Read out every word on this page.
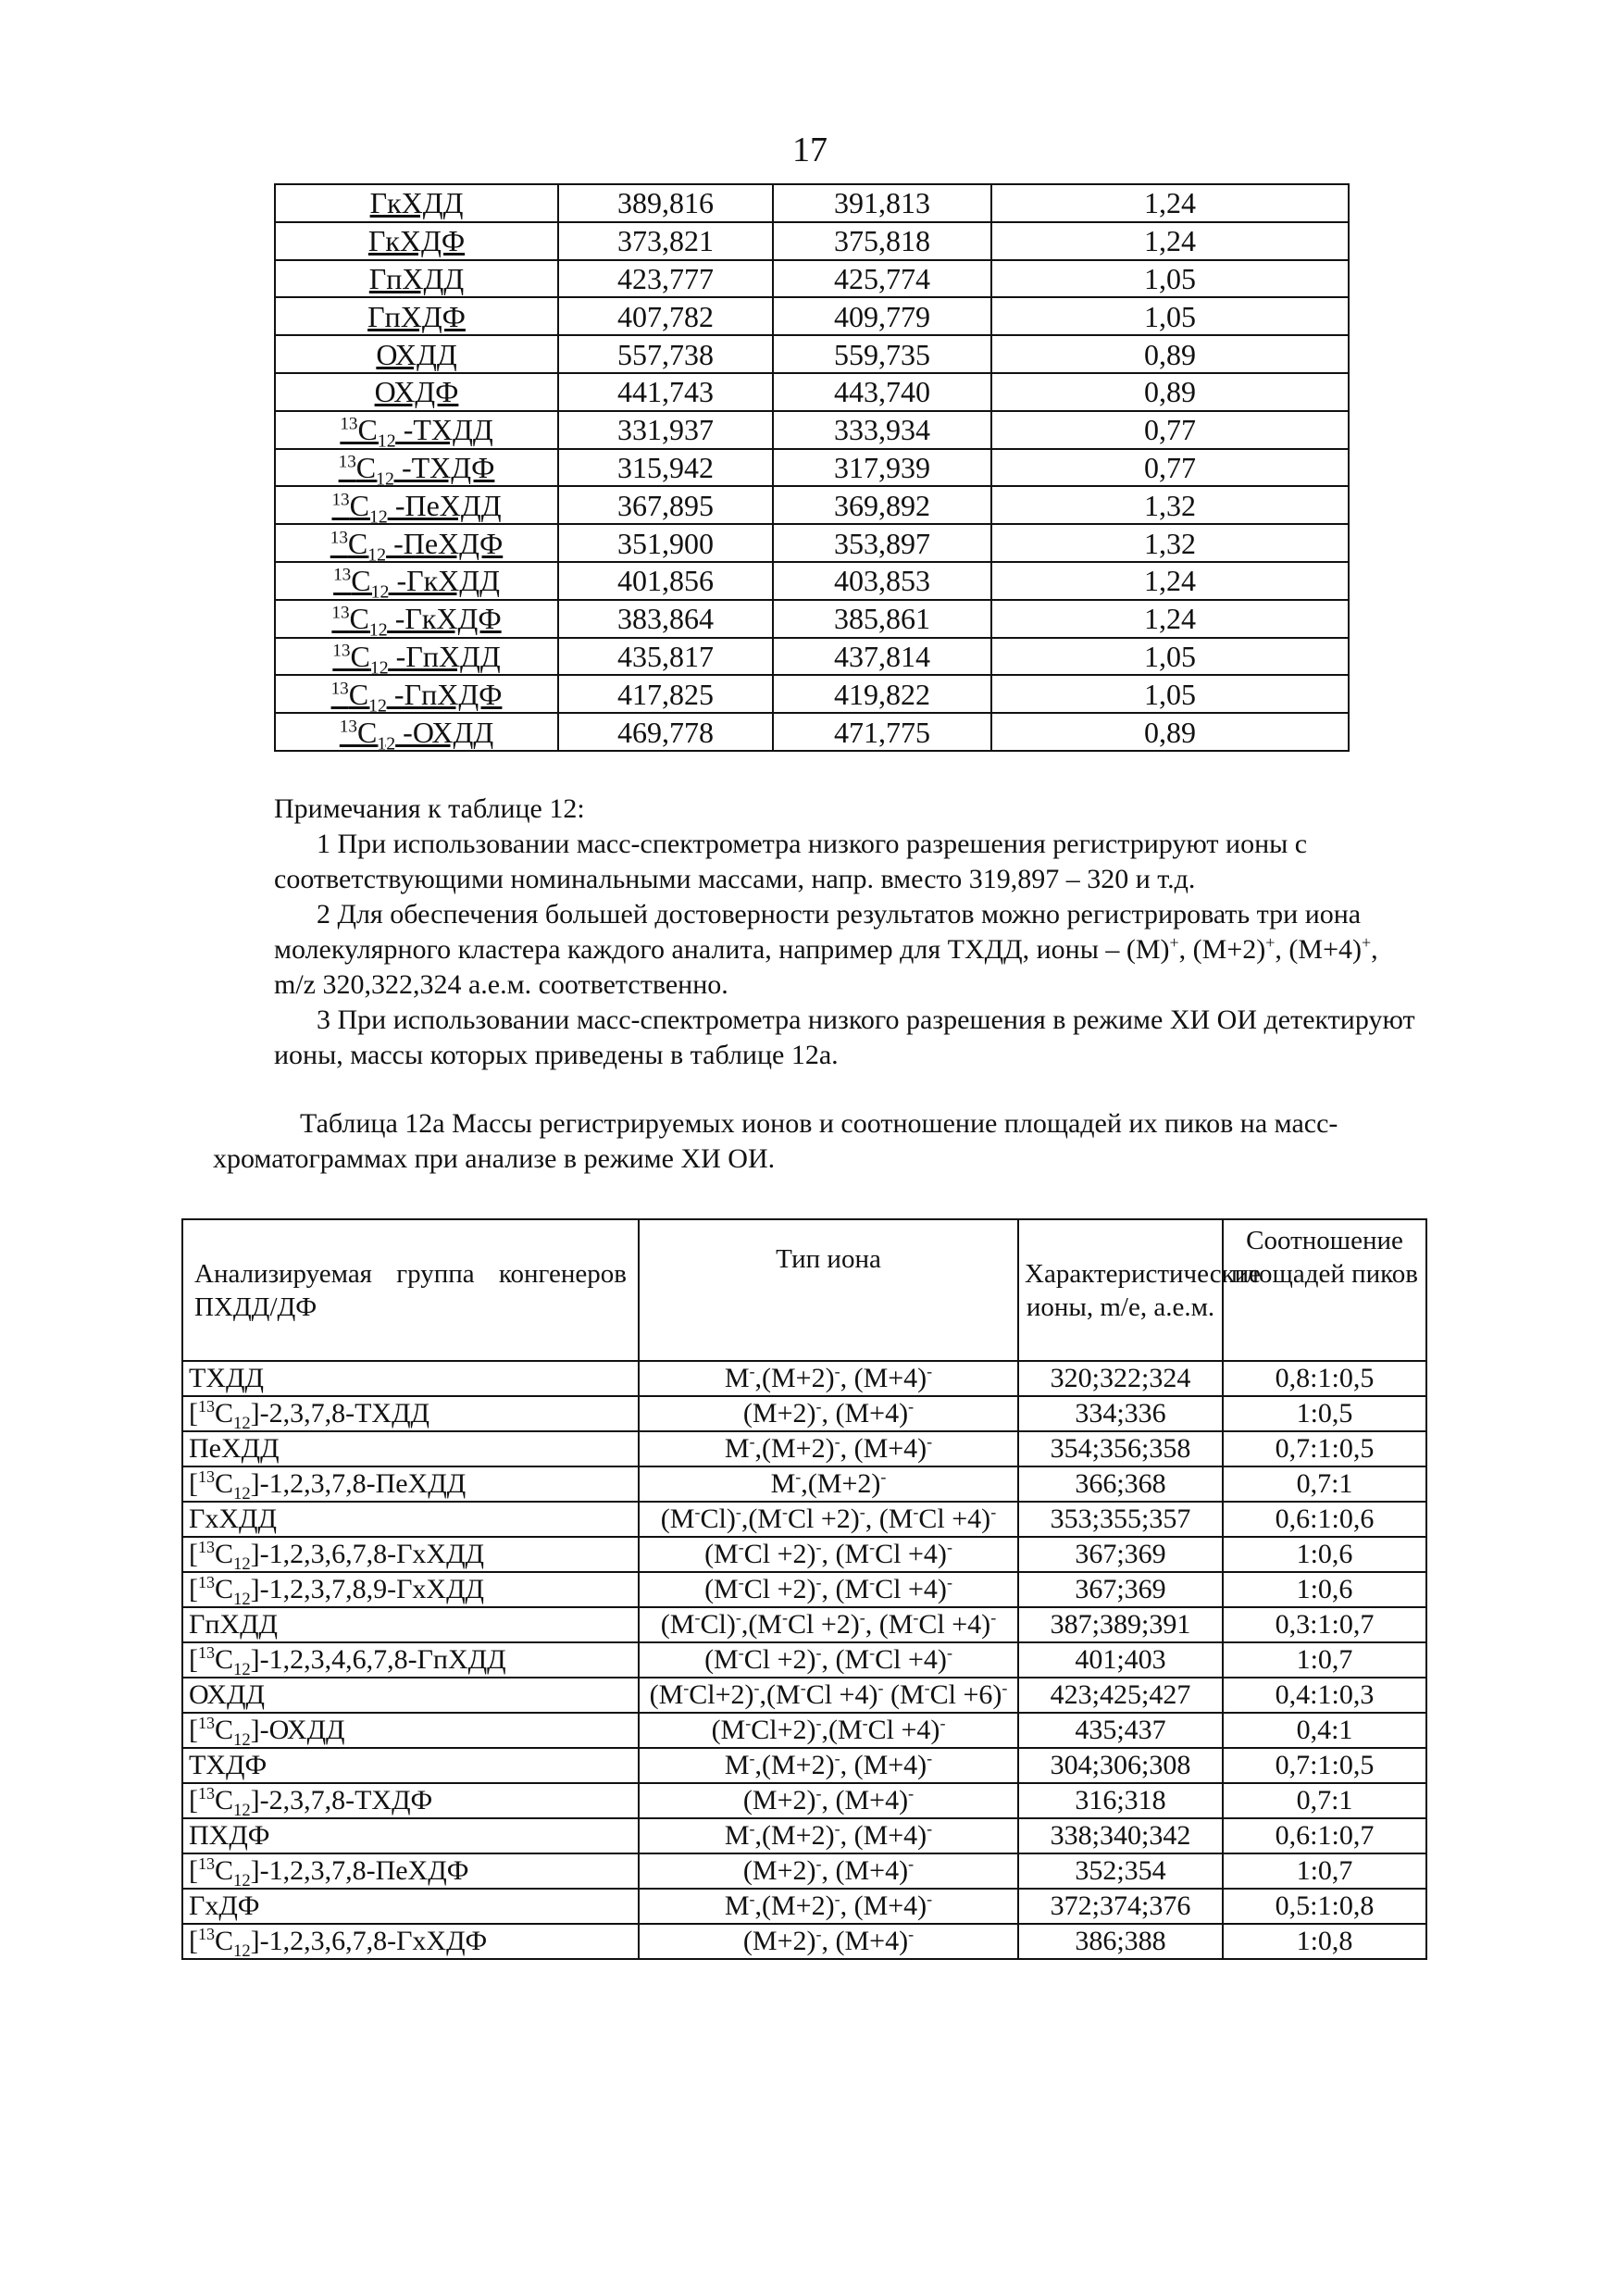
17
ГкХДД	389,816	391,813	1,24
ГкХДФ	373,821	375,818	1,24
ГпХДД	423,777	425,774	1,05
ГпХДФ	407,782	409,779	1,05
ОХДД	557,738	559,735	0,89
ОХДФ	441,743	443,740	0,89
$^{13}C_{12}$ -ТХДД	331,937	333,934	0,77
$^{13}C_{12}$ -ТХДФ	315,942	317,939	0,77
$^{13}C_{12}$ -ПеХДД	367,895	369,892	1,32
$^{13}C_{12}$ -ПеХДФ	351,900	353,897	1,32
$^{13}C_{12}$ -ГкХДД	401,856	403,853	1,24
$^{13}C_{12}$ -ГкХДФ	383,864	385,861	1,24
$^{13}C_{12}$ -ГпХДД	435,817	437,814	1,05
$^{13}C_{12}$ -ГпХДФ	417,825	419,822	1,05
$^{13}C_{12}$ -ОХДД	469,778	471,775	0,89

Примечания к таблице 12:

1 При использовании масс-спектрометра низкого разрешения регистрируют ионы с соответствующими номинальными массами, напр. вместо 319,897 – 320 и т.д.

2 Для обеспечения большей достоверности результатов можно регистрировать три иона молекулярного кластера каждого аналита, например для ТХДД, ионы – (M)+, (M+2)+, (M+4)+, m/z 320,322,324 а.е.м. соответственно.

3 При использовании масс-спектрометра низкого разрешения в режиме ХИ ОИ детектируют ионы, массы которых приведены в таблице 12а.

Таблица 12а Массы регистрируемых ионов и соотношение площадей их пиков на масс-хроматограммах при анализе в режиме ХИ ОИ.
Анализируемая группа конгенеров ПХДД/ДФ	Тип иона	Характеристические ионы, m/e, а.е.м.	Соотношение площадей пиков
ТХДД	M-,(M+2)-, (M+4)-	320;322;324	0,8:1:0,5
$[^{13}C_{12}]-2,3,7,8$-ТХДД	(M+2)-, (M+4)-	334;336	1:0,5
ПеХДД	M-,(M+2)-, (M+4)-	354;356;358	0,7:1:0,5
$[^{13}C_{12}]-1,2,3,7,8$-ПеХДД	M-,(M+2)-	366;368	0,7:1
ГхХДД	(M-Cl)-,(M-Cl +2)-, (M-Cl +4)-	353;355;357	0,6:1:0,6
$[^{13}C_{12}]-1,2,3,6,7,8$-ГхХДД	(M-Cl +2)-, (M-Cl +4)-	367;369	1:0,6
$[^{13}C_{12}]-1,2,3,7,8,9$-ГхХДД	(M-Cl +2)-, (M-Cl +4)-	367;369	1:0,6
ГпХДД	(M-Cl)-,(M-Cl +2)-, (M-Cl +4)-	387;389;391	0,3:1:0,7
$[^{13}C_{12}]-1,2,3,4,6,7,8$-ГпХДД	(M-Cl +2)-, (M-Cl +4)-	401;403	1:0,7
ОХДД	(M-Cl+2)-,(M-Cl +4)- (M-Cl +6)-	423;425;427	0,4:1:0,3
$[^{13}C_{12}]$-ОХДД	(M-Cl+2)-,(M-Cl +4)-	435;437	0,4:1
ТХДФ	M-,(M+2)-, (M+4)-	304;306;308	0,7:1:0,5
$[^{13}C_{12}]-2,3,7,8$-ТХДФ	(M+2)-, (M+4)-	316;318	0,7:1
ПХДФ	M-,(M+2)-, (M+4)-	338;340;342	0,6:1:0,7
$[^{13}C_{12}]-1,2,3,7,8$-ПеХДФ	(M+2)-, (M+4)-	352;354	1:0,7
ГхДФ	M-,(M+2)-, (M+4)-	372;374;376	0,5:1:0,8
$[^{13}C_{12}]-1,2,3,6,7,8$-ГхХДФ	(M+2)-, (M+4)-	386;388	1:0,8
